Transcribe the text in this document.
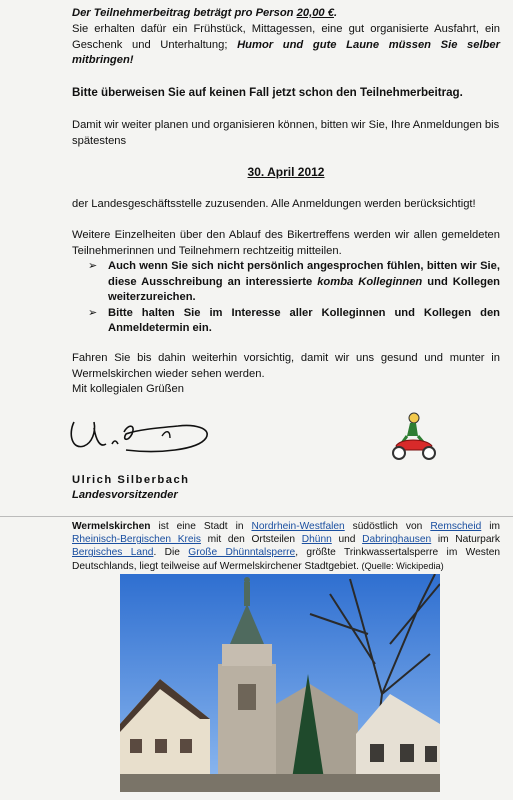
Der Teilnehmerbeitrag beträgt pro Person 20,00 €.
Sie erhalten dafür ein Frühstück, Mittagessen, eine gut organisierte Ausfahrt, ein Geschenk und Unterhaltung; Humor und gute Laune müssen Sie selber mitbringen!
Bitte überweisen Sie auf keinen Fall jetzt schon den Teilnehmerbeitrag.
Damit wir weiter planen und organisieren können, bitten wir Sie, Ihre Anmeldungen bis spätestens
30. April 2012
der Landesgeschäftsstelle zuzusenden. Alle Anmeldungen werden berücksichtigt!
Weitere Einzelheiten über den Ablauf des Bikertreffens werden wir allen gemeldeten Teilnehmerinnen und Teilnehmern rechtzeitig mitteilen.
➢ Auch wenn Sie sich nicht persönlich angesprochen fühlen, bitten wir Sie, diese Ausschreibung an interessierte komba Kolleginnen und Kollegen weiterzureichen.
➢ Bitte halten Sie im Interesse aller Kolleginnen und Kollegen den Anmeldetermin ein.
Fahren Sie bis dahin weiterhin vorsichtig, damit wir uns gesund und munter in Wermelskirchen wieder sehen werden.
Mit kollegialen Grüßen
Ulrich Silberbach
Landesvorsitzender
Wermelskirchen ist eine Stadt in Nordrhein-Westfalen südöstlich von Remscheid im Rheinisch-Bergischen Kreis mit den Ortsteilen Dhünn und Dabringhausen im Naturpark Bergisches Land. Die Große Dhünntalsperre, größte Trinkwassertalsperre im Westen Deutschlands, liegt teilweise auf Wermelskirchener Stadtgebiet. (Quelle: Wickipedia)
